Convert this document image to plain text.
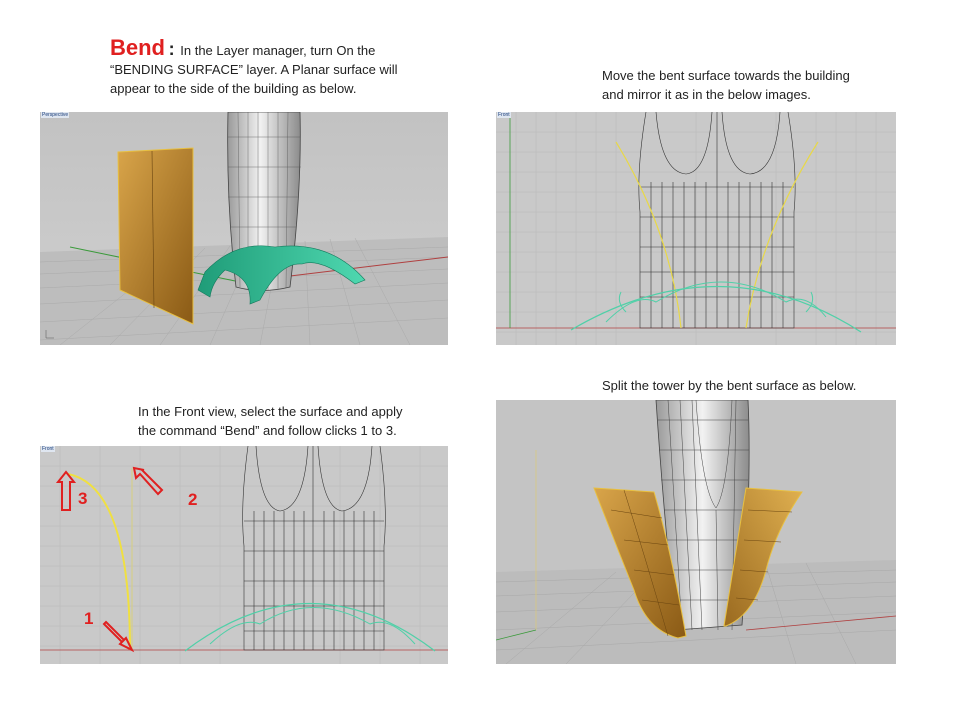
Bend : In the Layer manager, turn On the
“BENDING SURFACE” layer. A Planar surface will
appear to the side of the building as below.
Move the bent surface towards the building
and mirror it as in the below images.
In the Front view, select the surface and apply
the command “Bend” and follow clicks 1 to 3.
Split the tower by the bent surface as below.
Perspective	Front
Front
1
2
3
